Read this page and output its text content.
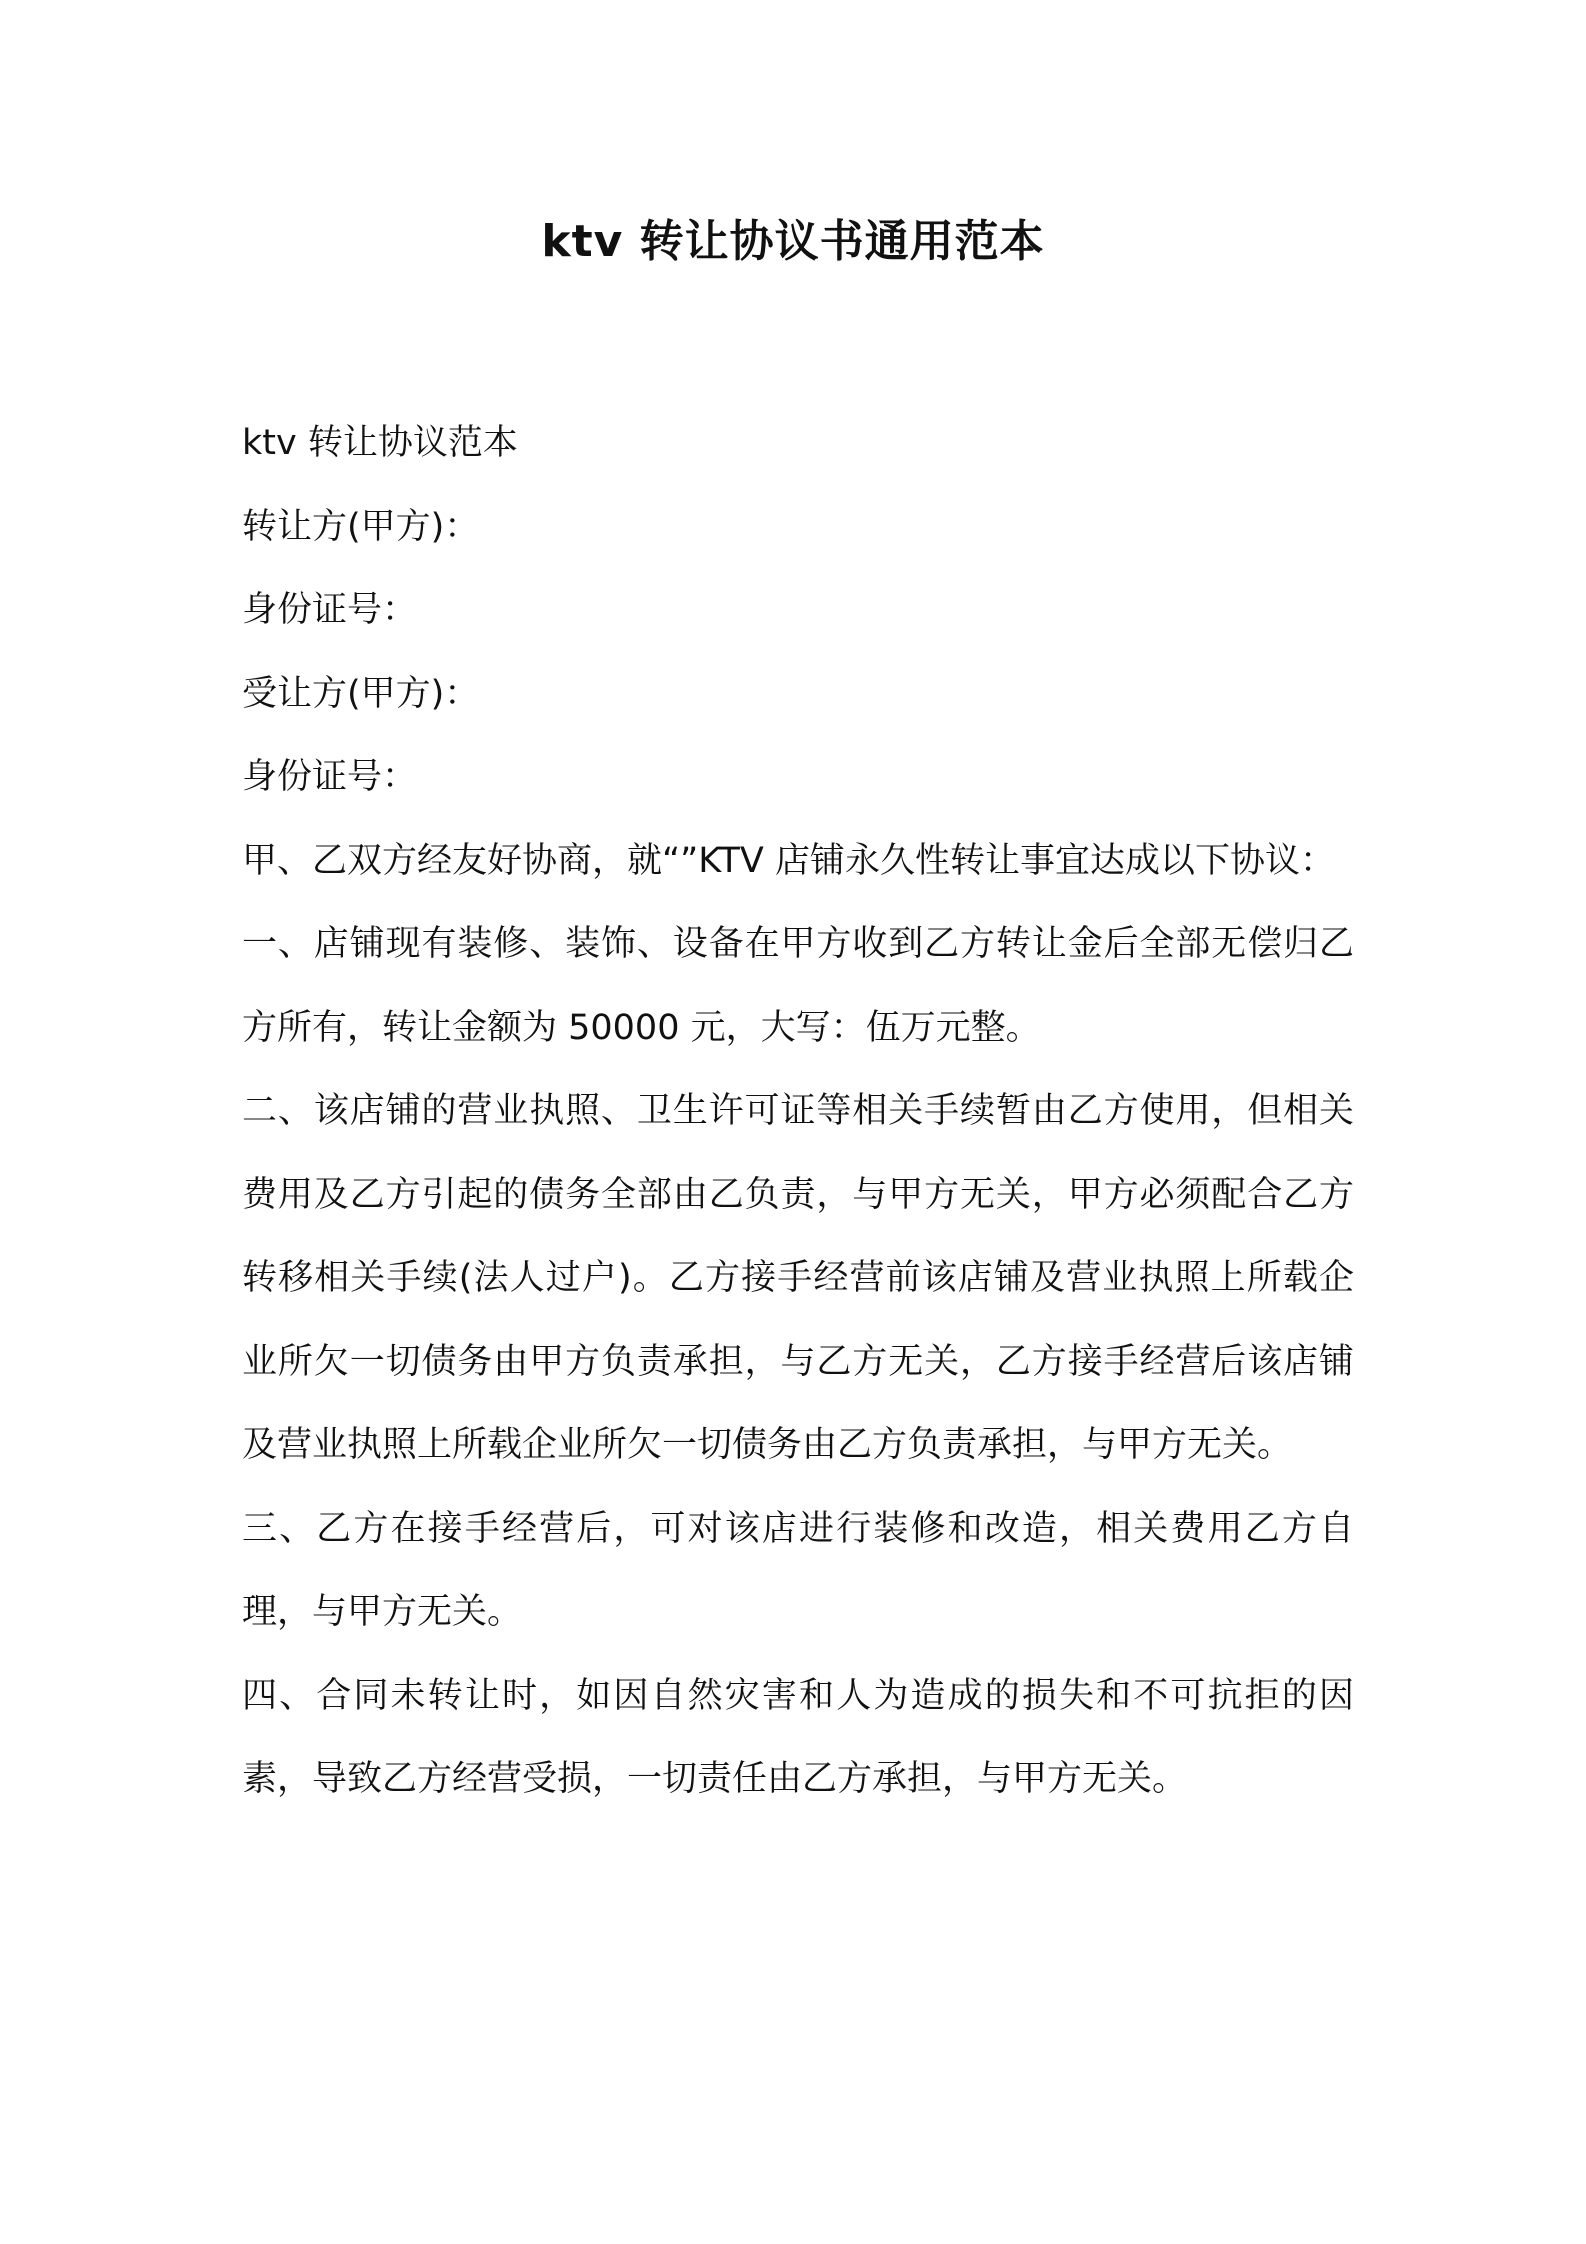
ktv 转让协议书通用范本
ktv 转让协议范本
转让方(甲方)：
身份证号：
受让方(甲方)：
身份证号：

甲、乙双方经友好协商，就“”KTV 店铺永久性转让事宜达成以下协议：

一、店铺现有装修、装饰、设备在甲方收到乙方转让金后全部无偿归乙方所有，转让金额为 50000 元，大写：伍万元整。

二、该店铺的营业执照、卫生许可证等相关手续暂由乙方使用，但相关费用及乙方引起的债务全部由乙负责，与甲方无关，甲方必须配合乙方转移相关手续(法人过户)。乙方接手经营前该店铺及营业执照上所载企业所欠一切债务由甲方负责承担，与乙方无关，乙方接手经营后该店铺及营业执照上所载企业所欠一切债务由乙方负责承担，与甲方无关。

三、乙方在接手经营后，可对该店进行装修和改造，相关费用乙方自理，与甲方无关。

四、合同未转让时，如因自然灾害和人为造成的损失和不可抗拒的因素，导致乙方经营受损，一切责任由乙方承担，与甲方无关。
